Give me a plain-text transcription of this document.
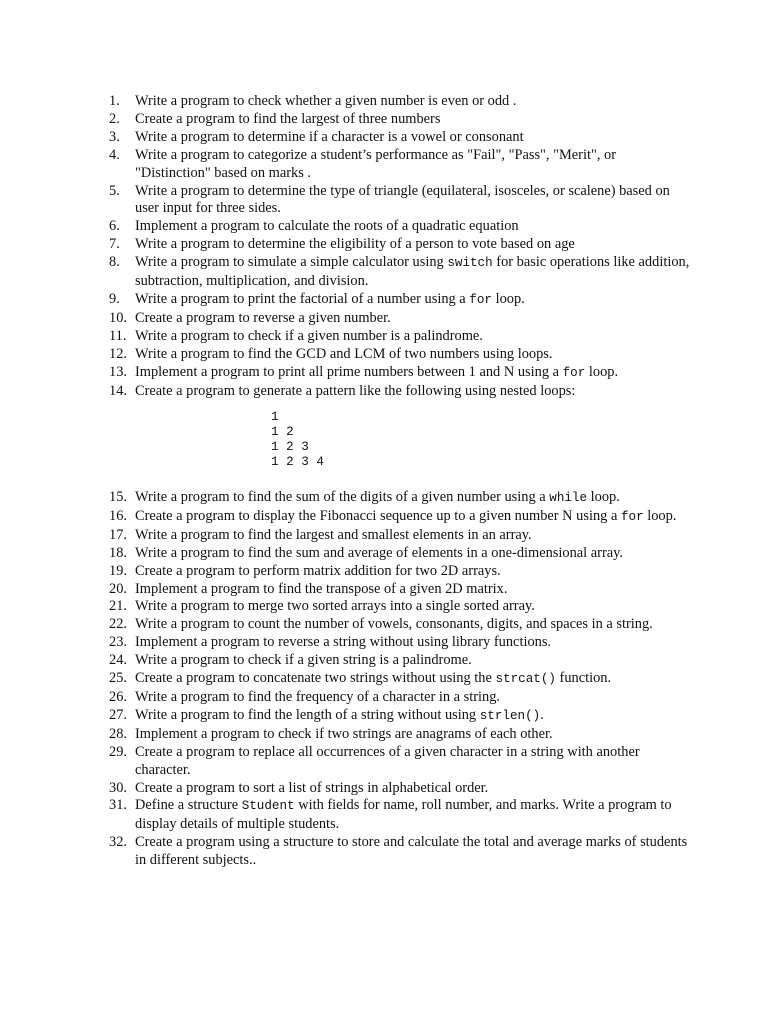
1.	Write a program to check whether a given number is even or odd .
2.	Create a program to find the largest of three numbers
3.	Write a program to determine if a character is a vowel or consonant
4.	Write a program to categorize a student’s performance as "Fail", "Pass", "Merit", or "Distinction" based on marks .
5.	Write a program to determine the type of triangle (equilateral, isosceles, or scalene) based on user input for three sides.
6.	Implement a program to calculate the roots of a quadratic equation
7.	Write a program to determine the eligibility of a person to vote based on age
8.	Write a program to simulate a simple calculator using switch for basic operations like addition, subtraction, multiplication, and division.
9.	Write a program to print the factorial of a number using a for loop.
10. Create a program to reverse a given number.
11. Write a program to check if a given number is a palindrome.
12. Write a program to find the GCD and LCM of two numbers using loops.
13. Implement a program to print all prime numbers between 1 and N using a for loop.
14. Create a program to generate a pattern like the following using nested loops:
1
1 2
1 2 3
1 2 3 4
15. Write a program to find the sum of the digits of a given number using a while loop.
16. Create a program to display the Fibonacci sequence up to a given number N using a for loop.
17. Write a program to find the largest and smallest elements in an array.
18. Write a program to find the sum and average of elements in a one-dimensional array.
19. Create a program to perform matrix addition for two 2D arrays.
20. Implement a program to find the transpose of a given 2D matrix.
21. Write a program to merge two sorted arrays into a single sorted array.
22. Write a program to count the number of vowels, consonants, digits, and spaces in a string.
23. Implement a program to reverse a string without using library functions.
24. Write a program to check if a given string is a palindrome.
25. Create a program to concatenate two strings without using the strcat() function.
26. Write a program to find the frequency of a character in a string.
27. Write a program to find the length of a string without using strlen().
28. Implement a program to check if two strings are anagrams of each other.
29. Create a program to replace all occurrences of a given character in a string with another character.
30. Create a program to sort a list of strings in alphabetical order.
31. Define a structure Student with fields for name, roll number, and marks. Write a program to display details of multiple students.
32. Create a program using a structure to store and calculate the total and average marks of students in different subjects..
